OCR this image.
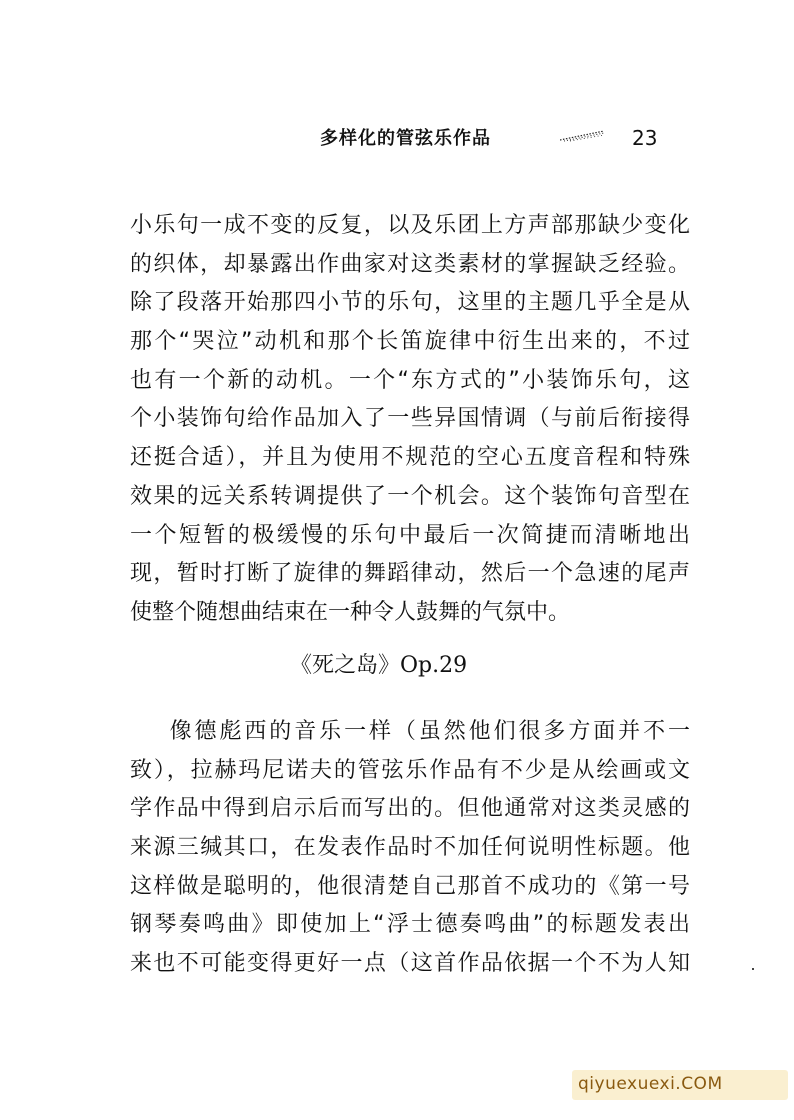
多样化的管弦乐作品	23
小乐句一成不变的反复，以及乐团上方声部那缺少变化
的织体，却暴露出作曲家对这类素材的掌握缺乏经验。
除了段落开始那四小节的乐句，这里的主题几乎全是从
那个“哭泣”动机和那个长笛旋律中衍生出来的，不过
也有一个新的动机。一个“东方式的”小装饰乐句，这
个小装饰句给作品加入了一些异国情调（与前后衔接得
还挺合适），并且为使用不规范的空心五度音程和特殊
效果的远关系转调提供了一个机会。这个装饰句音型在
一个短暂的极缓慢的乐句中最后一次简捷而清晰地出
现，暂时打断了旋律的舞蹈律动，然后一个急速的尾声
使整个随想曲结束在一种令人鼓舞的气氛中。
《死之岛》Op.29
像德彪西的音乐一样（虽然他们很多方面并不一
致），拉赫玛尼诺夫的管弦乐作品有不少是从绘画或文
学作品中得到启示后而写出的。但他通常对这类灵感的
来源三缄其口，在发表作品时不加任何说明性标题。他
这样做是聪明的，他很清楚自己那首不成功的《第一号
钢琴奏鸣曲》即使加上“浮士德奏鸣曲”的标题发表出
来也不可能变得更好一点（这首作品依据一个不为人知
qiyuexuexi.COM
